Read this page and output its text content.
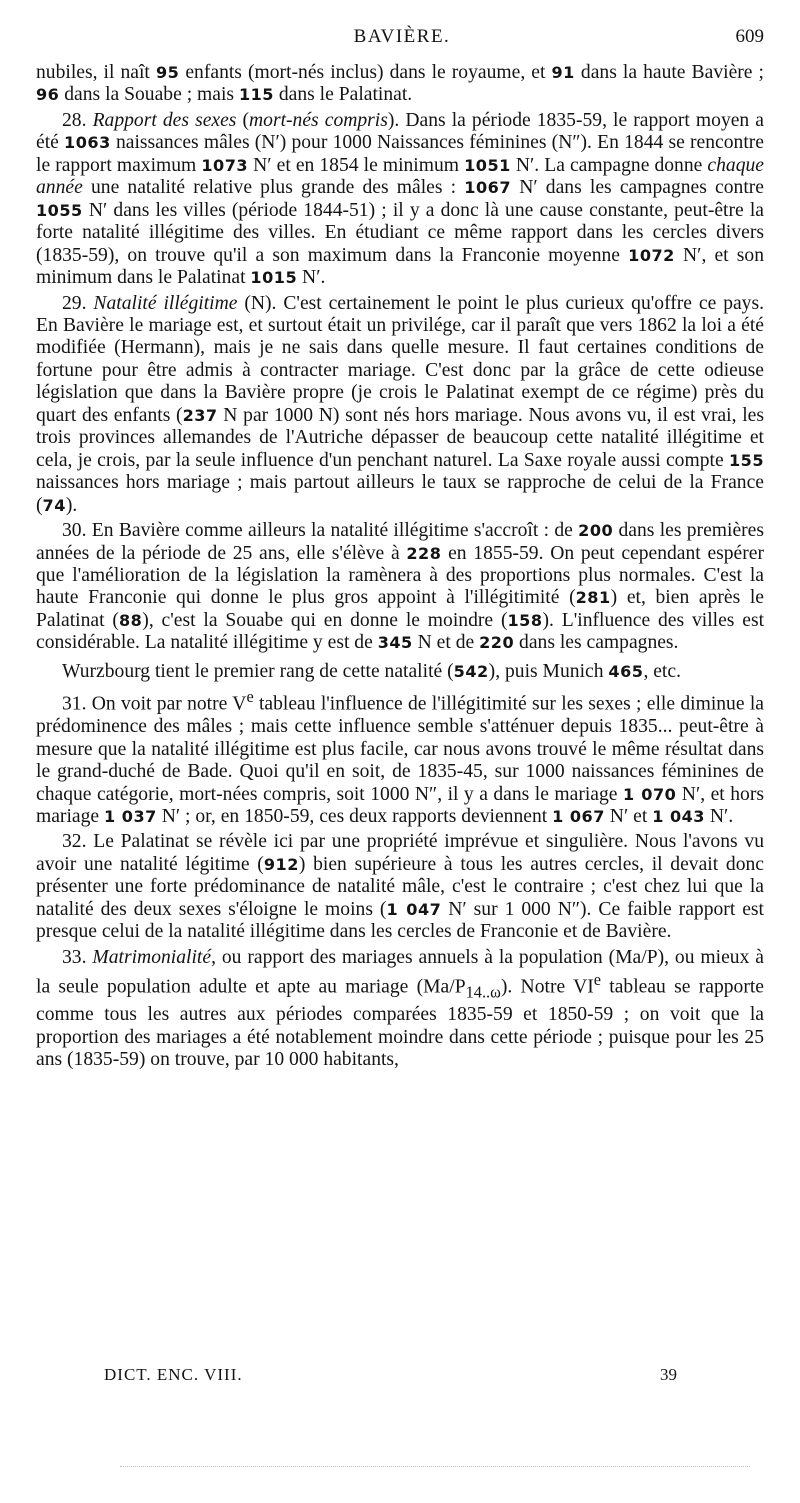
BAVIÈRE.	609

nubiles, il naît 95 enfants (mort-nés inclus) dans le royaume, et 91 dans la haute Bavière ; 96 dans la Souabe ; mais 115 dans le Palatinat.

28. Rapport des sexes (mort-nés compris). Dans la période 1835-59, le rapport moyen a été 1063 naissances mâles (N′) pour 1000 Naissances féminines (N″). En 1844 se rencontre le rapport maximum 1073 N′ et en 1854 le minimum 1051 N′. La campagne donne chaque année une natalité relative plus grande des mâles : 1067 N′ dans les campagnes contre 1055 N′ dans les villes (période 1844-51) ; il y a donc là une cause constante, peut-être la forte natalité illégitime des villes. En étudiant ce même rapport dans les cercles divers (1835-59), on trouve qu'il a son maximum dans la Franconie moyenne 1072 N′, et son minimum dans le Palatinat 1015 N′.

29. Natalité illégitime (N). C'est certainement le point le plus curieux qu'offre ce pays. En Bavière le mariage est, et surtout était un privilége, car il paraît que vers 1862 la loi a été modifiée (Hermann), mais je ne sais dans quelle mesure. Il faut certaines conditions de fortune pour être admis à contracter mariage. C'est donc par la grâce de cette odieuse législation que dans la Bavière propre (je crois le Palatinat exempt de ce régime) près du quart des enfants (237 N par 1000 N) sont nés hors mariage. Nous avons vu, il est vrai, les trois provinces allemandes de l'Autriche dépasser de beaucoup cette natalité illégitime et cela, je crois, par la seule influence d'un penchant naturel. La Saxe royale aussi compte 155 naissances hors mariage ; mais partout ailleurs le taux se rapproche de celui de la France (74).

30. En Bavière comme ailleurs la natalité illégitime s'accroît : de 200 dans les premières années de la période de 25 ans, elle s'élève à 228 en 1855-59. On peut cependant espérer que l'amélioration de la législation la ramènera à des proportions plus normales. C'est la haute Franconie qui donne le plus gros appoint à l'illégitimité (281) et, bien après le Palatinat (88), c'est la Souabe qui en donne le moindre (158). L'influence des villes est considérable. La natalité illégitime y est de 345 N et de 220 dans les campagnes.

Wurzbourg tient le premier rang de cette natalité (542), puis Munich 465, etc.

31. On voit par notre Ve tableau l'influence de l'illégitimité sur les sexes ; elle diminue la prédominence des mâles ; mais cette influence semble s'atténuer depuis 1835... peut-être à mesure que la natalité illégitime est plus facile, car nous avons trouvé le même résultat dans le grand-duché de Bade. Quoi qu'il en soit, de 1835-45, sur 1000 naissances féminines de chaque catégorie, mort-nées compris, soit 1000 N″, il y a dans le mariage 1 070 N′, et hors mariage 1 037 N′ ; or, en 1850-59, ces deux rapports deviennent 1 067 N′ et 1 043 N′.

32. Le Palatinat se révèle ici par une propriété imprévue et singulière. Nous l'avons vu avoir une natalité légitime (912) bien supérieure à tous les autres cercles, il devait donc présenter une forte prédominance de natalité mâle, c'est le contraire ; c'est chez lui que la natalité des deux sexes s'éloigne le moins (1 047 N′ sur 1 000 N″). Ce faible rapport est presque celui de la natalité illégitime dans les cercles de Franconie et de Bavière.

33. Matrimonialité, ou rapport des mariages annuels à la population (Ma/P), ou mieux à la seule population adulte et apte au mariage $(Ma/P_{14..\omega})$. Notre VIe tableau se rapporte comme tous les autres aux périodes comparées 1835-59 et 1850-59 ; on voit que la proportion des mariages a été notablement moindre dans cette période ; puisque pour les 25 ans (1835-59) on trouve, par 10 000 habitants,

DICT. ENC. VIII.	39
